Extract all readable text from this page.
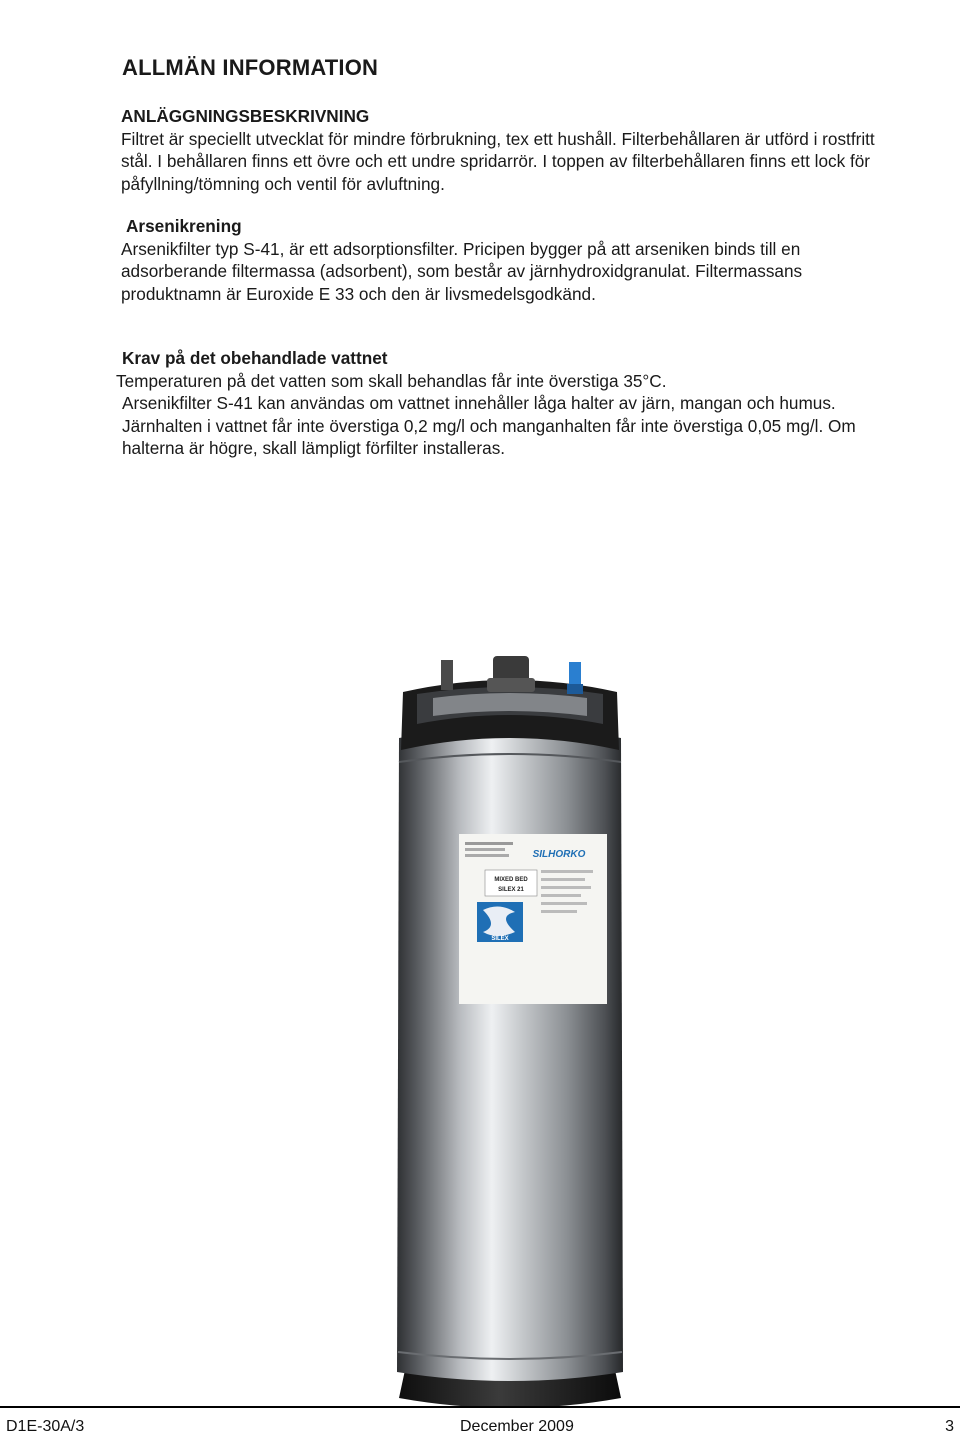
ALLMÄN INFORMATION
ANLÄGGNINGSBESKRIVNING

Filtret är speciellt utvecklat för mindre förbrukning, tex ett hushåll. Filterbehållaren är utförd i rostfritt stål. I behållaren finns ett övre och ett undre spridarrör. I toppen av filterbehållaren finns ett lock för påfyllning/tömning och ventil för avluftning.

Arsenikrening

Arsenikfilter typ S-41, är ett adsorptionsfilter. Pricipen bygger på att arseniken binds till en adsorberande filtermassa (adsorbent), som består av järnhydroxidgranulat. Filtermassans produktnamn är Euroxide E 33 och den är livsmedelsgodkänd.

Krav på det obehandlade vattnet
Temperaturen på det vatten som skall behandlas får inte överstiga 35°C.
Arsenikfilter S-41 kan användas om vattnet innehåller låga halter av järn, mangan och humus. Järnhalten i vattnet får inte överstiga 0,2 mg/l och manganhalten får inte överstiga 0,05 mg/l. Om halterna är högre, skall lämpligt förfilter installeras.
SILHORKO
MIXED BED
SILEX 21
SILEX
D1E-30A/3	December 2009	3
